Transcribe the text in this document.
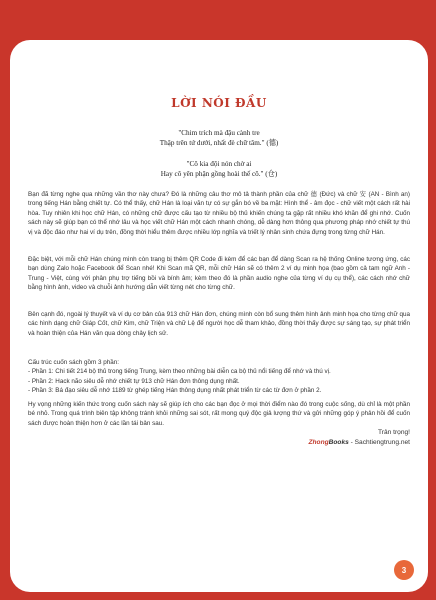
LỜI NÓI ĐẦU
"Chim trích mà đậu cành tre
Thập trên tứ dưới, nhất đè chữ tâm." (德)
"Cô kia đội nón chờ ai
Hay cô yên phận gồng hoài thế cô." (仓)
Bạn đã từng nghe qua những vần thơ này chưa? Đó là những câu thơ mô tả thành phần của chữ 德 (Đức) và chữ 安 (AN - Bình an) trong tiếng Hán bằng chiết tự. Có thể thấy, chữ Hán là loại văn tự có sự gắn bó về ba mặt: Hình thể - âm đọc - chữ viết một cách rất hài hòa. Tuy nhiên khi học chữ Hán, có những chữ được cấu tạo từ nhiều bộ thủ khiến chúng ta gặp rất nhiều khó khăn để ghi nhớ. Cuốn sách này sẽ giúp bạn có thể nhớ lâu và học viết chữ Hán một cách nhanh chóng, dễ dàng hơn thông qua phương pháp nhớ chiết tự thú vị và độc đáo như hai ví dụ trên, đồng thời hiểu thêm được nhiều lớp nghĩa và triết lý nhân sinh chứa đựng trong từng chữ Hán.
Đặc biệt, với mỗi chữ Hán chúng mình còn trang bị thêm QR Code đi kèm để các bạn để dàng Scan ra hệ thống Online tương ứng, các bạn dùng Zalo hoặc Facebook để Scan nhé! Khi Scan mã QR, mỗi chữ Hán sẽ có thêm 2 ví dụ minh họa (bao gồm cả tam ngữ Anh - Trung - Việt, cùng với phân phụ trợ tiếng bồi và bính âm; kèm theo đó là phần audio nghe của từng ví dụ cụ thể), các cách nhớ chữ bằng hình ảnh, video và chuỗi ảnh hướng dẫn viết từng nét cho từng chữ.
Bên cạnh đó, ngoài lý thuyết và ví dụ cơ bản của 913 chữ Hán đơn, chúng mình còn bổ sung thêm hình ảnh minh họa cho từng chữ qua các hình dạng chữ Giáp Cốt, chữ Kim, chữ Triện và chữ Lệ để người học dễ tham khảo, đồng thời thấy được sự sáng tạo, sự phát triển và hoàn thiện của Hán văn qua dòng chảy lịch sử.
Cấu trúc cuốn sách gồm 3 phần:
- Phần 1: Chi tiết 214 bộ thủ trong tiếng Trung, kèm theo những bài diễn ca bộ thủ nổi tiếng để nhớ và thú vị.
- Phần 2: Hack não siêu dễ nhớ chiết tự 913 chữ Hán đơn thông dụng nhất.
- Phần 3: Bá đạo siêu dễ nhớ 1189 từ ghép tiếng Hán thông dụng nhất phát triển từ các từ đơn ở phần 2.
Hy vọng những kiến thức trong cuốn sách này sẽ giúp ích cho các bạn đọc ở mọi thời điểm nào đó trong cuộc sống, dù chỉ là một phần bé nhỏ. Trong quá trình biên tập không tránh khỏi những sai sót, rất mong quý độc giả lượng thứ và gửi những góp ý phản hồi để cuốn sách được hoàn thiện hơn ở các lần tái bản sau.
Trân trọng!
ZhongBooks - Sachtiengtrung.net
3
